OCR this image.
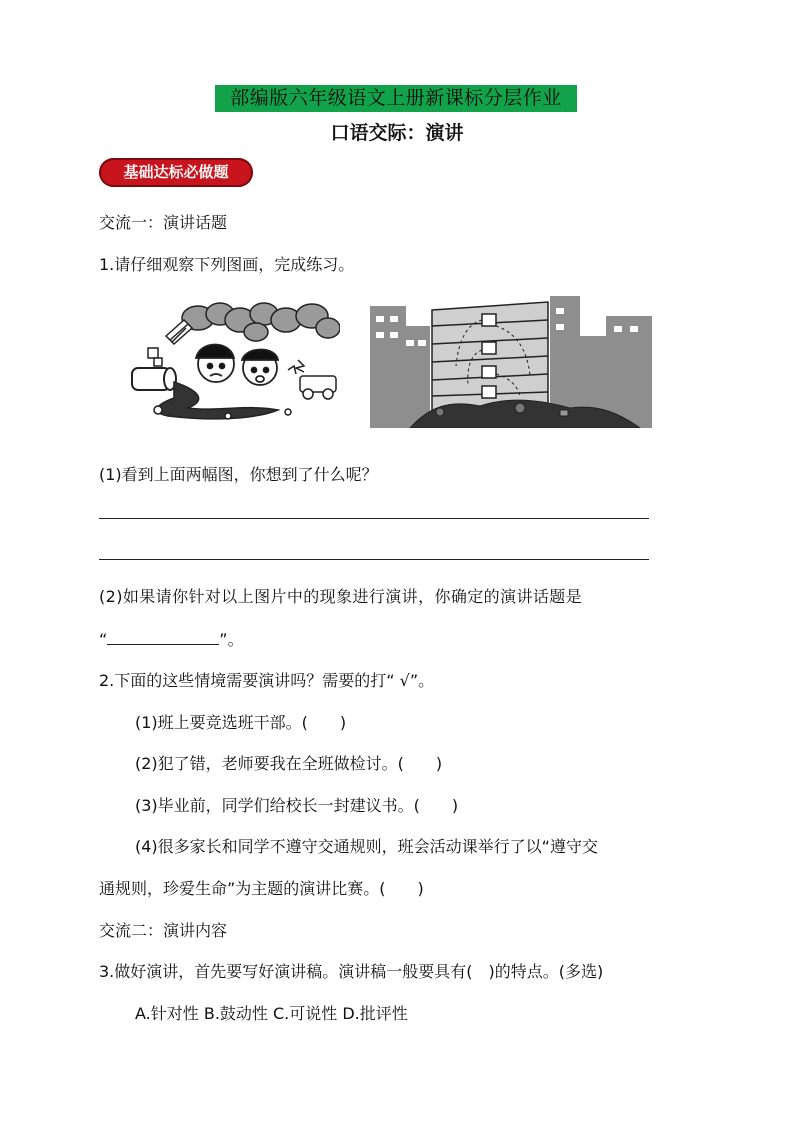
部编版六年级语文上册新课标分层作业
口语交际：演讲
基础达标必做题
交流一：演讲话题
1.请仔细观察下列图画，完成练习。
(1)看到上面两幅图，你想到了什么呢？
(2)如果请你针对以上图片中的现象进行演讲，你确定的演讲话题是
“	”。
2.下面的这些情境需要演讲吗？需要的打“ √”。
(1)班上要竞选班干部。(　　)
(2)犯了错，老师要我在全班做检讨。(　　)
(3)毕业前，同学们给校长一封建议书。(　　)
(4)很多家长和同学不遵守交通规则，班会活动课举行了以“遵守交
通规则，珍爱生命”为主题的演讲比赛。(　　)
交流二：演讲内容
3.做好演讲，首先要写好演讲稿。演讲稿一般要具有(　)的特点。(多选)
A.针对性 B.鼓动性 C.可说性 D.批评性
